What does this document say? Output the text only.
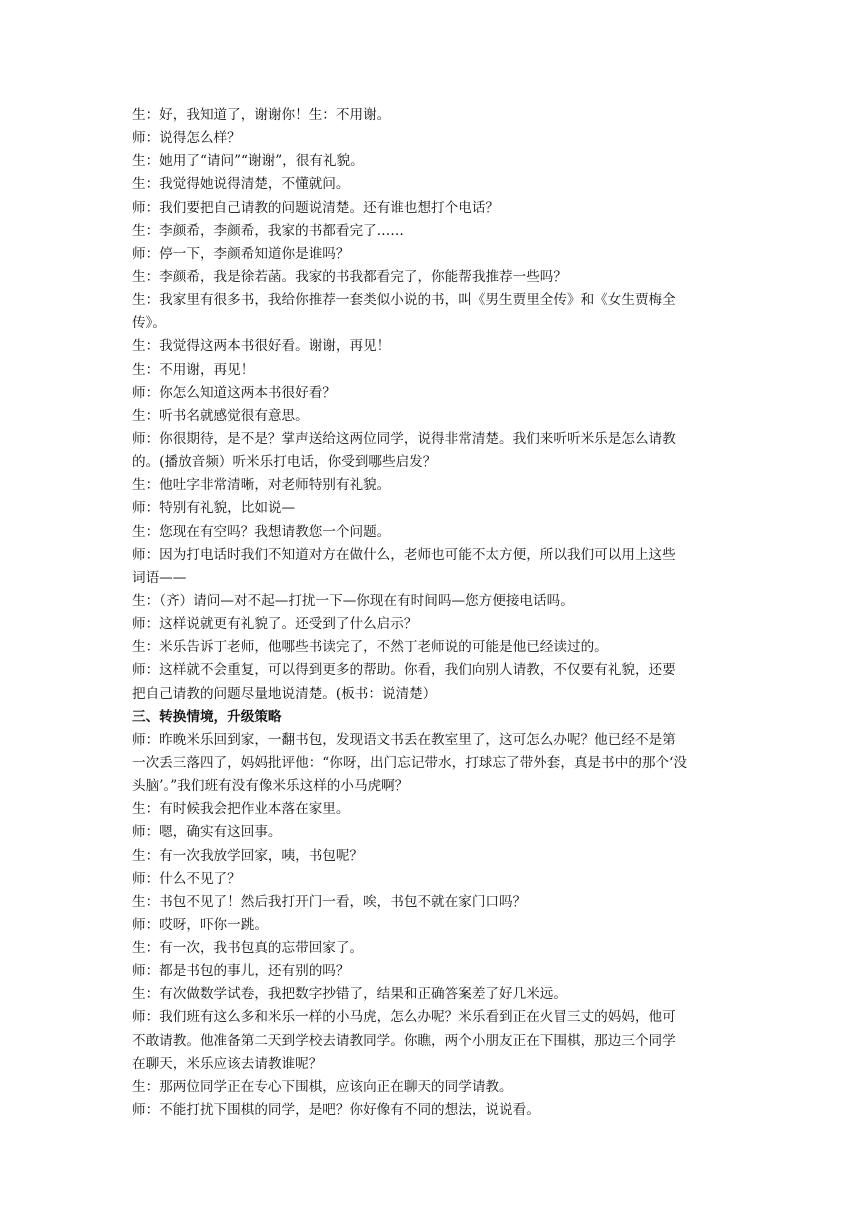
生：好，我知道了，谢谢你！生：不用谢。
师：说得怎么样？
生：她用了“请问”“谢谢”，很有礼貌。
生：我觉得她说得清楚，不懂就问。
师：我们要把自己请教的问题说清楚。还有谁也想打个电话？
生：李颜希，李颜希，我家的书都看完了……
师：停一下，李颜希知道你是谁吗？
生：李颜希，我是徐若菡。我家的书我都看完了，你能帮我推荐一些吗？
生：我家里有很多书，我给你推荐一套类似小说的书，叫《男生贾里全传》和《女生贾梅全
传》。
生：我觉得这两本书很好看。谢谢，再见！
生：不用谢，再见！
师：你怎么知道这两本书很好看？
生：听书名就感觉很有意思。
师：你很期待，是不是？掌声送给这两位同学，说得非常清楚。我们来听听米乐是怎么请教
的。(播放音频）听米乐打电话，你受到哪些启发？
生：他吐字非常清晰，对老师特别有礼貌。
师：特别有礼貌，比如说—
生：您现在有空吗？我想请教您一个问题。
师：因为打电话时我们不知道对方在做什么，老师也可能不太方便，所以我们可以用上这些
词语——
生：（齐）请问—对不起—打扰一下—你现在有时间吗—您方便接电话吗。
师：这样说就更有礼貌了。还受到了什么启示？
生：米乐告诉丁老师，他哪些书读完了，不然丁老师说的可能是他已经读过的。
师：这样就不会重复，可以得到更多的帮助。你看，我们向别人请教，不仅要有礼貌，还要
把自己请教的问题尽量地说清楚。(板书：说清楚）
三、转换情境，升级策略
师：昨晚米乐回到家，一翻书包，发现语文书丢在教室里了，这可怎么办呢？他已经不是第
一次丢三落四了，妈妈批评他：“你呀，出门忘记带水，打球忘了带外套，真是书中的那个‘没
头脑’。”我们班有没有像米乐这样的小马虎啊？
生：有时候我会把作业本落在家里。
师：嗯，确实有这回事。
生：有一次我放学回家，咦，书包呢？
师：什么不见了？
生：书包不见了！然后我打开门一看，唉，书包不就在家门口吗？
师：哎呀，吓你一跳。
生：有一次，我书包真的忘带回家了。
师：都是书包的事儿，还有别的吗？
生：有次做数学试卷，我把数字抄错了，结果和正确答案差了好几米远。
师：我们班有这么多和米乐一样的小马虎，怎么办呢？米乐看到正在火冒三丈的妈妈，他可
不敢请教。他准备第二天到学校去请教同学。你瞧，两个小朋友正在下围棋，那边三个同学
在聊天，米乐应该去请教谁呢？
生：那两位同学正在专心下围棋，应该向正在聊天的同学请教。
师：不能打扰下围棋的同学，是吧？你好像有不同的想法，说说看。
